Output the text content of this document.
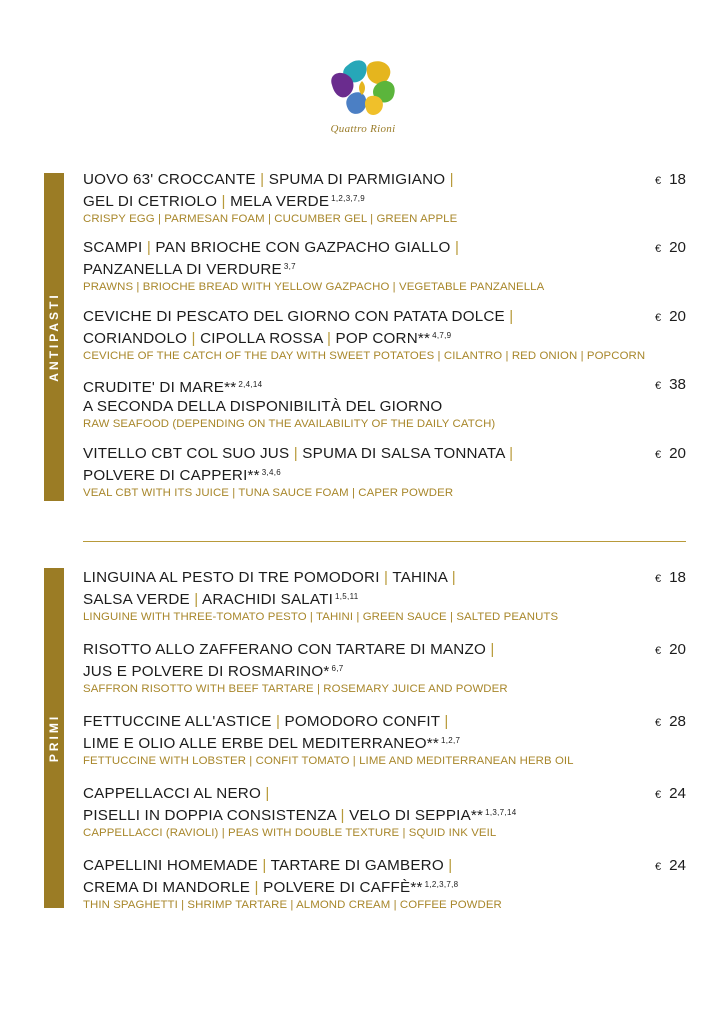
Quattro Rioni
ANTIPASTI
€ 18
UOVO 63' CROCCANTE | SPUMA DI PARMIGIANO |
GEL DI CETRIOLO | MELA VERDE $^{1,2,3,7,9}$
CRISPY EGG | PARMESAN FOAM | CUCUMBER GEL | GREEN APPLE
€ 20
SCAMPI | PAN BRIOCHE CON GAZPACHO GIALLO |
PANZANELLA DI VERDURE $^{3,7}$
PRAWNS | BRIOCHE BREAD WITH YELLOW GAZPACHO | VEGETABLE PANZANELLA
€ 20
CEVICHE DI PESCATO DEL GIORNO CON PATATA DOLCE |
CORIANDOLO | CIPOLLA ROSSA | POP CORN** $^{4,7,9}$
CEVICHE OF THE CATCH OF THE DAY WITH SWEET POTATOES | CILANTRO | RED ONION | POPCORN
€ 38
CRUDITE' DI MARE** $^{2,4,14}$
A SECONDA DELLA DISPONIBILITÀ DEL GIORNO
RAW SEAFOOD (DEPENDING ON THE AVAILABILITY OF THE DAILY CATCH)
€ 20
VITELLO CBT COL SUO JUS | SPUMA DI SALSA TONNATA |
POLVERE DI CAPPERI** $^{3,4,6}$
VEAL CBT WITH ITS JUICE | TUNA SAUCE FOAM | CAPER POWDER
PRIMI
€ 18
LINGUINA AL PESTO DI TRE POMODORI | TAHINA |
SALSA VERDE | ARACHIDI SALATI $^{1,5,11}$
LINGUINE WITH THREE-TOMATO PESTO | TAHINI | GREEN SAUCE | SALTED PEANUTS
€ 20
RISOTTO ALLO ZAFFERANO CON TARTARE DI MANZO |
JUS E POLVERE DI ROSMARINO* $^{6,7}$
SAFFRON RISOTTO WITH BEEF TARTARE | ROSEMARY JUICE AND POWDER
€ 28
FETTUCCINE ALL'ASTICE | POMODORO CONFIT |
LIME E OLIO ALLE ERBE DEL MEDITERRANEO** $^{1,2,7}$
FETTUCCINE WITH LOBSTER | CONFIT TOMATO | LIME AND MEDITERRANEAN HERB OIL
€ 24
CAPPELLACCI AL NERO |
PISELLI IN DOPPIA CONSISTENZA | VELO DI SEPPIA** $^{1,3,7,14}$
CAPPELLACCI (RAVIOLI) | PEAS WITH DOUBLE TEXTURE | SQUID INK VEIL
€ 24
CAPELLINI HOMEMADE | TARTARE DI GAMBERO |
CREMA DI MANDORLE | POLVERE DI CAFFÈ** $^{1,2,3,7,8}$
THIN SPAGHETTI | SHRIMP TARTARE | ALMOND CREAM | COFFEE POWDER
